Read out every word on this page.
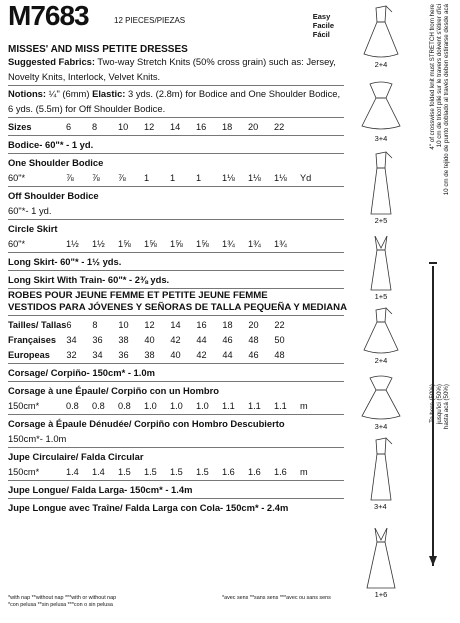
M7683	12 PIECES/PIEZAS	Easy
Facile
Fácil
MISSES' AND MISS PETITE DRESSES
Suggested Fabrics: Two-way Stretch Knits (50% cross grain) such as: Jersey, Novelty Knits, Interlock, Velvet Knits.
Notions: ¼" (6mm) Elastic: 3 yds. (2.8m) for Bodice and One Shoulder Bodice, 6 yds. (5.5m) for Off Shoulder Bodice.
Sizes	6	8	10	12	14	16	18	20	22
Bodice- 60"* - 1 yd.
One Shoulder Bodice
60"*	⅞	⅞	⅞	1	1	1	1⅛	1⅛	1⅛	Yd
Off Shoulder Bodice
60"*- 1 yd.
Circle Skirt
60"*	1½	1½	1⅝	1⅝	1⅝	1⅝	1¾	1¾	1¾
Long Skirt- 60"* - 1½ yds.
Long Skirt With Train- 60"* - 2⅜ yds.
ROBES POUR JEUNE FEMME ET PETITE JEUNE FEMME
VESTIDOS PARA JÓVENES Y SEÑORAS DE TALLA PEQUEÑA Y MEDIANA
Tailles/ Tallas	6	8	10	12	14	16	18	20	22
Françaises	34	36	38	40	42	44	46	48	50
Europeas	32	34	36	38	40	42	44	46	48
Corsage/ Corpiño- 150cm* - 1.0m
Corsage à une Épaule/ Corpiño con un Hombro
150cm*	0.8	0.8	0.8	1.0	1.0	1.0	1.1	1.1	1.1	m
Corsage à Épaule Dénudée/ Corpiño con Hombro Descubierto
150cm*- 1.0m
Jupe Circulaire/ Falda Circular
150cm*	1.4	1.4	1.5	1.5	1.5	1.5	1.6	1.6	1.6	m
Jupe Longue/ Falda Larga- 150cm* - 1.4m
Jupe Longue avec Traîne/ Falda Larga con Cola- 150cm* - 2.4m
*with nap **without nap ***with or without nap
*con pelusa **sin pelusa ***con o sin pelusa
*avec sens **sans sens ***avec ou sans sens
2+4
3+4
2+5
1+5
2+4
3+4
1+6
3+4
4" of crosswise folded knit must STRETCH from here 10 cm de tricot plié sur le travers doivent s'étirer d'ici 10 cm de tejido de punto doblado al través deben estirarse desde acá
jusqu'ici (50%) hasta acá (50%)
